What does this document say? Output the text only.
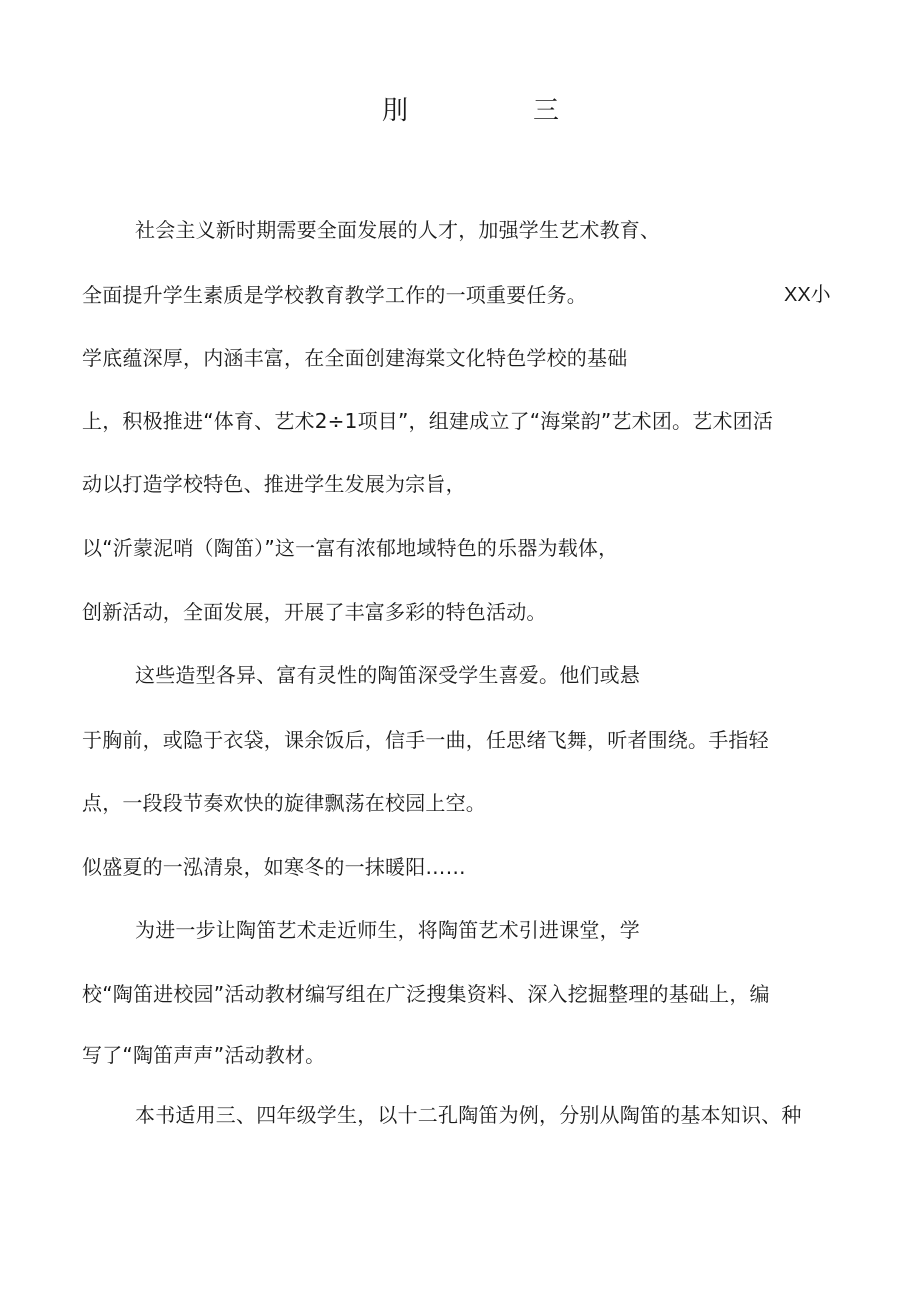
刖	三
社会主义新时期需要全面发展的人才，加强学生艺术教育、
全面提升学生素质是学校教育教学工作的一项重要任务。	XX小
学底蕴深厚，内涵丰富，在全面创建海棠文化特色学校的基础
上，积极推进“体育、艺术2÷1项目”，组建成立了“海棠韵”艺术团。艺术团活
动以打造学校特色、推进学生发展为宗旨，
以“沂蒙泥哨（陶笛）”这一富有浓郁地域特色的乐器为载体，
创新活动，全面发展，开展了丰富多彩的特色活动。
这些造型各异、富有灵性的陶笛深受学生喜爱。他们或悬
于胸前，或隐于衣袋，课余饭后，信手一曲，任思绪飞舞，听者围绕。手指轻
点，一段段节奏欢快的旋律飘荡在校园上空。
似盛夏的一泓清泉，如寒冬的一抹暖阳……
为进一步让陶笛艺术走近师生，将陶笛艺术引进课堂，学
校“陶笛进校园”活动教材编写组在广泛搜集资料、深入挖掘整理的基础上，编
写了“陶笛声声”活动教材。
本书适用三、四年级学生，以十二孔陶笛为例，分别从陶笛的基本知识、种
